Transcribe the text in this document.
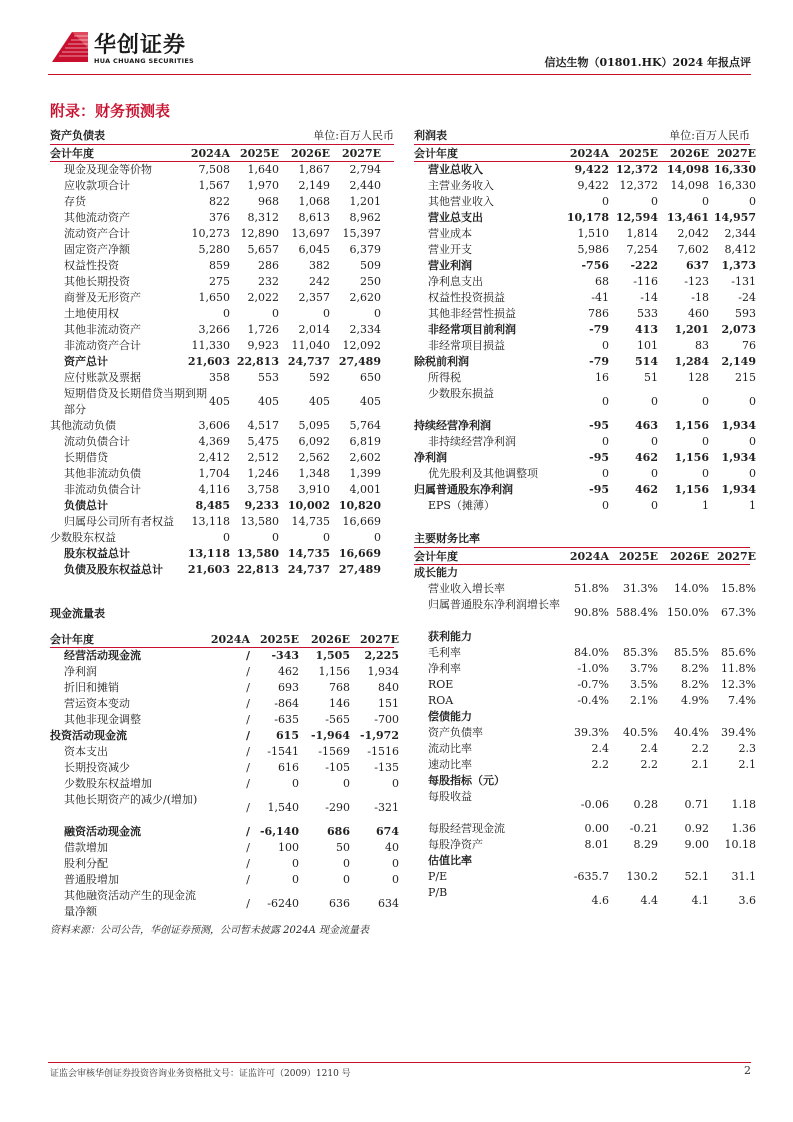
华创证券
HUA CHUANG SECURITIES	信达生物（01801.HK）2024 年报点评
附录：财务预测表
资产负债表	单位:百万人民币
会计年度	2024A 2025E	2026E	2027E
现金及现金等价物	7,508	1,640	1,867	2,794
应收款项合计	1,567	1,970	2,149	2,440
存货	822	968	1,068	1,201
其他流动资产	376	8,312	8,613	8,962
流动资产合计	10,273 12,890	13,697	15,397
固定资产净额	5,280	5,657	6,045	6,379
权益性投资	859	286	382	509
其他长期投资	275	232	242	250
商誉及无形资产	1,650	2,022	2,357	2,620
土地使用权	0	0	0	0
其他非流动资产	3,266	1,726	2,014	2,334
非流动资产合计	11,330	9,923	11,040	12,092
资产总计	21,603 22,813 24,737 27,489
应付账款及票据	358	553	592	650
短期借贷及长期借贷当期到期部分
405	405	405	405
其他流动负债	3,606	4,517	5,095	5,764
流动负债合计	4,369	5,475	6,092	6,819
长期借贷	2,412	2,512	2,562	2,602
其他非流动负债	1,704	1,246	1,348	1,399
非流动负债合计	4,116	3,758	3,910	4,001
负债总计	8,485	9,233 10,002 10,820
归属母公司所有者权益	13,118 13,580	14,735	16,669
少数股东权益	0	0	0	0
股东权益总计	13,118 13,580 14,735 16,669
负债及股东权益总计	21,603 22,813 24,737 27,489
现金流量表
会计年度	2024A 2025E	2026E 2027E
经营活动现金流	/	-343	1,505	2,225
净利润	/	462	1,156	1,934
折旧和摊销	/	693	768	840
营运资本变动	/	-864	146	151
其他非现金调整	/	-635	-565	-700
投资活动现金流	/	615	-1,964 -1,972
资本支出	/	-1541	-1569	-1516
长期投资减少	/	616	-105	-135
少数股东权益增加	/	0	0	0
其他长期资产的减少/(增加)
/	1,540	-290	-321
融资活动现金流	/ -6,140	686	674
借款增加	/	100	50	40
股利分配	/	0	0	0
普通股增加	/	0	0	0
其他融资活动产生的现金流量净额
/	-6240	636	634
利润表	单位:百万人民币
会计年度	2024A 2025E	2026E 2027E
营业总收入	9,422 12,372 14,098 16,330
主营业务收入	9,422 12,372	14,098 16,330
其他营业收入	0	0	0	0
营业总支出	10,178 12,594 13,461 14,957
营业成本	1,510	1,814	2,042	2,344
营业开支	5,986	7,254	7,602	8,412
营业利润	-756	-222	637	1,373
净利息支出	68	-116	-123	-131
权益性投资损益	-41	-14	-18	-24
其他非经营性损益	786	533	460	593
非经常项目前利润	-79	413	1,201	2,073
非经常项目损益	0	101	83	76
除税前利润	-79	514	1,284	2,149
所得税	16	51	128	215
少数股东损益
0	0	0	0
持续经营净利润	-95	463	1,156	1,934
非持续经营净利润	0	0	0	0
净利润	-95	462	1,156	1,934
优先股利及其他调整项	0	0	0	0
归属普通股东净利润	-95	462	1,156	1,934
EPS（摊薄）	0	0	1	1
主要财务比率
会计年度	2024A 2025E	2026E 2027E
成长能力
营业收入增长率	51.8%	31.3%	14.0%	15.8%
归属普通股东净利润增长率
90.8% 588.4% 150.0%	67.3%
获利能力
毛利率	84.0%	85.3%	85.5%	85.6%
净利率	-1.0%	3.7%	8.2%	11.8%
ROE	-0.7%	3.5%	8.2%	12.3%
ROA	-0.4%	2.1%	4.9%	7.4%
偿债能力
资产负债率	39.3%	40.5%	40.4%	39.4%
流动比率	2.4	2.4	2.2	2.3
速动比率	2.2	2.2	2.1	2.1
每股指标（元）
每股收益
-0.06	0.28	0.71	1.18
每股经营现金流	0.00	-0.21	0.92	1.36
每股净资产	8.01	8.29	9.00	10.18
估值比率
P/E	-635.7	130.2	52.1	31.1
P/B
4.6	4.4	4.1	3.6
资料来源：公司公告，华创证券预测，公司暂未披露 2024A 现金流量表
证监会审核华创证券投资咨询业务资格批文号：证监许可（2009）1210 号	2
